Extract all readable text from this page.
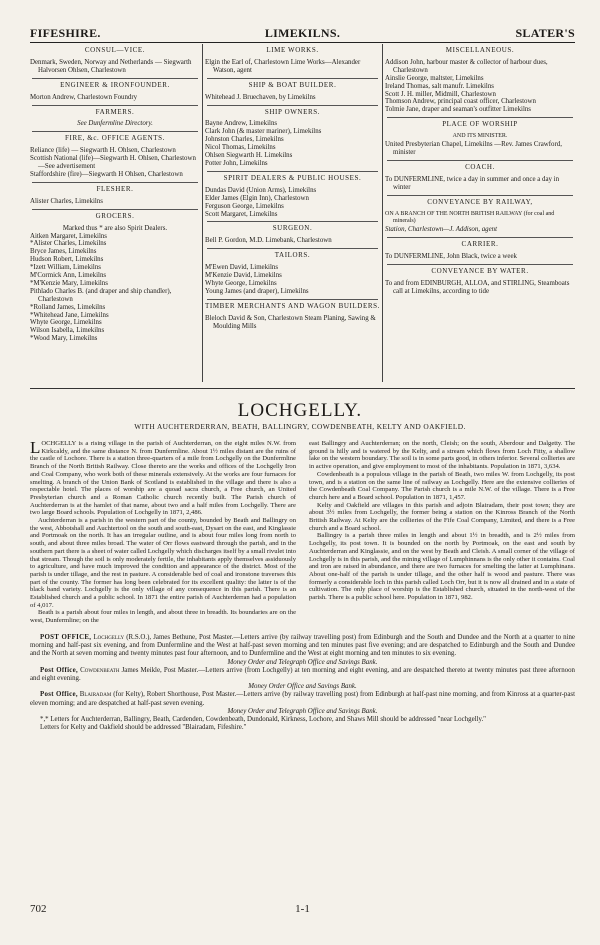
FIFESHIRE.	LIMEKILNS.	SLATER'S
CONSUL—VICE.

Denmark, Sweden, Norway and Netherlands — Siegwarth Halvorsen Ohlsen, Charlestown

ENGINEER & IRONFOUNDER.

Morton Andrew, Charlestown Foundry

FARMERS.

See Dunfermline Directory.

FIRE, &c. OFFICE AGENTS.

Reliance (life) — Siegwarth H. Ohlsen, Charlestown

Scottish National (life)—Siegwarth H. Ohlsen, Charlestown—See advertisement

Staffordshire (fire)—Siegwarth H Ohlsen, Charlestown

FLESHER.

Alister Charles, Limekilns

GROCERS.

Marked thus * are also Spirit Dealers.

Aitken Margaret, Limekilns

*Alister Charles, Limekilns

Bryce James, Limekilns

Hudson Robert, Limekilns

*Izett William, Limekilns

M'Cormick Ann, Limekilns

*M'Kenzie Mary, Limekilns

Pithlado Charles B. (and draper and ship chandler), Charlestown

*Rolland James, Limekilns

*Whitehead Jane, Limekilns

Whyte George, Limekilns

Wilson Isabella, Limekilns

*Wood Mary, Limekilns

LIME WORKS.

Elgin the Earl of, Charlestown Lime Works—Alexander Watson, agent

SHIP & BOAT BUILDER.

Whitehead J. Bruechaven, by Limekilns

SHIP OWNERS.

Bayne Andrew, Limekilns

Clark John (& master mariner), Limekilns

Johnston Charles, Limekilns

Nicol Thomas, Limekilns

Ohlsen Siegwarth H. Limekilns

Potter John, Limekilns

SPIRIT DEALERS & PUBLIC HOUSES.

Dundas David (Union Arms), Limekilns

Elder James (Elgin Inn), Charlestown

Ferguson George, Limekilns

Scott Margaret, Limekilns

SURGEON.

Bell P. Gordon, M.D. Limebank, Charlestown

TAILORS.

M'Ewen David, Limekilns

M'Kenzie David, Limekilns

Whyte George, Limekilns

Young James (and draper), Limekilns

TIMBER MERCHANTS AND WAGON BUILDERS.

Bleloch David & Son, Charlestown Steam Planing, Sawing & Moulding Mills

MISCELLANEOUS.

Addison John, harbour master & collector of harbour dues, Charlestown

Ainslie George, maltster, Limekilns

Ireland Thomas, salt manufr. Limekilns

Scott J. H. miller, Midmill, Charlestown

Thomson Andrew, principal coast officer, Charlestown

Tolmie Jane, draper and seaman's outfitter Limekilns

PLACE OF WORSHIP
AND ITS MINISTER.

United Presbyterian Chapel, Limekilns —Rev. James Crawford, minister

COACH.

To DUNFERMLINE, twice a day in summer and once a day in winter

CONVEYANCE BY RAILWAY,

ON A BRANCH OF THE NORTH BRITISH RAILWAY (for coal and minerals)

Station, Charlestown—J. Addison, agent

CARRIER.

To DUNFERMLINE, John Black, twice a week

CONVEYANCE BY WATER.

To and from EDINBURGH, ALLOA, and STIRLING, Steamboats call at Limekilns, according to tide

LOCHGELLY.
WITH AUCHTERDERRAN, BEATH, BALLINGRY, COWDENBEATH, KELTY AND OAKFIELD.

LOCHGELLY is a rising village in the parish of Auchterderran, on the eight miles N.W. from Kirkcaldy, and the same distance N. from Dunfermline. About 1½ miles distant are the ruins of the castle of Lochore. There is a station three-quarters of a mile from Lochgelly on the Dunfermline Branch of the North British Railway. Close thereto are the works and offices of the Lochgelly Iron and Coal Company, who work both of these minerals extensively. At the works are four furnaces for smelting. A branch of the Union Bank of Scotland is established in the village and there is also a respectable hotel. The places of worship are a quoad sacra church, a Free church, an United Presbyterian church and a Roman Catholic church recently built. The Parish church of Auchterderran is at the hamlet of that name, about two and a half miles from Lochgelly. There are two large Board schools. Population of Lochgelly in 1871, 2,486.

Auchterderran is a parish in the western part of the county, bounded by Beath and Ballingry on the west, Abbotshall and Auchtertool on the south and south-east, Dysart on the east, and Kinglassie and Portmoak on the north. It has an irregular outline, and is about four miles long from north to south, and about three miles broad. The water of Orr flows eastward through the parish, and in the southern part there is a sheet of water called Lochgelly which discharges itself by a small rivulet into that stream. Though the soil is only moderately fertile, the inhabitants apply themselves assiduously to agriculture, and have much improved the condition and appearance of the district. Most of the parish is under tillage, and the rest in pasture. A considerable bed of coal and ironstone traverses this part of the county. The former has long been celebrated for its excellent quality: the latter is of the black band variety. Lochgelly is the only village of any consequence in this parish. There is an Established church and a public school. In 1871 the entire parish of Auchterderran had a population of 4,017.

Beath is a parish about four miles in length, and about three in breadth. Its boundaries are on the west, Dunfermline; on the

east Ballingry and Auchterderran; on the north, Cleish; on the south, Aberdour and Dalgetty. The ground is hilly and is watered by the Kelty, and a stream which flows from Loch Fitty, a shallow lake on the western boundary. The soil is in some parts good, in others inferior. Several collieries are in active operation, and give employment to most of the inhabitants. Population in 1871, 3,634.

Cowdenbeath is a populous village in the parish of Beath, two miles W. from Lochgelly, its post town, and is a station on the same line of railway as Lochgelly. Here are the extensive collieries of the Cowdenbeath Coal Company. The Parish church is a mile N.W. of the village. There is a Free church here and a Board school. Population in 1871, 1,457.

Kelty and Oakfield are villages in this parish and adjoin Blairadam, their post town; they are about 3½ miles from Lochgelly, the former being a station on the Kinross Branch of the North British Railway. At Kelty are the collieries of the Fife Coal Company, Limited, and there is a Free church and a Board school.

Ballingry is a parish three miles in length and about 1½ in breadth, and is 2½ miles from Lochgelly, its post town. It is bounded on the north by Portmoak, on the east and south by Auchterderran and Kinglassie, and on the west by Beath and Cleish. A small corner of the village of Lochgelly is in this parish, and the mining village of Lumphinnans is the only other it contains. Coal and iron are raised in abundance, and there are two furnaces for smelting the latter at Lumphinans. About one-half of the parish is under tillage, and the other half is wood and pasture. There was formerly a considerable loch in this parish called Loch Orr, but it is now all drained and in a state of cultivation. The only place of worship is the Established church, situated in the north-west of the parish. There is a public school here. Population in 1871, 982.

POST OFFICE, Lochgelly (R.S.O.), James Bethune, Post Master.—Letters arrive (by railway travelling post) from Edinburgh and the South and Dundee and the North at a quarter to nine morning and half-past six evening, and from Dunfermline and the West at half-past seven morning and ten minutes past five evening; and are despatched to Edinburgh and the South and Dundee and the North at seven morning and twenty minutes past four afternoon, and to Dunfermline and the West at eight morning and ten minutes to six evening.

Money Order and Telegraph Office and Savings Bank.

Post Office, Cowdenbeath James Meikle, Post Master.—Letters arrive (from Lochgelly) at ten morning and eight evening, and are despatched thereto at twenty minutes past three afternoon and eight evening.

Money Order Office and Savings Bank.

Post Office, Blairadam (for Kelty), Robert Shorthouse, Post Master.—Letters arrive (by railway travelling post) from Edinburgh at half-past nine morning, and from Kinross at a quarter-past eleven morning; and are despatched at half-past seven evening.

Money Order and Telegraph Office and Savings Bank.

*,* Letters for Auchterderran, Ballingry, Beath, Cardenden, Cowdenbeath, Dundonald, Kirkness, Lochore, and Shaws Mill should be addressed "near Lochgelly."

Letters for Kelty and Oakfield should be addressed "Blairadam, Fifeshire."

702	1-1
